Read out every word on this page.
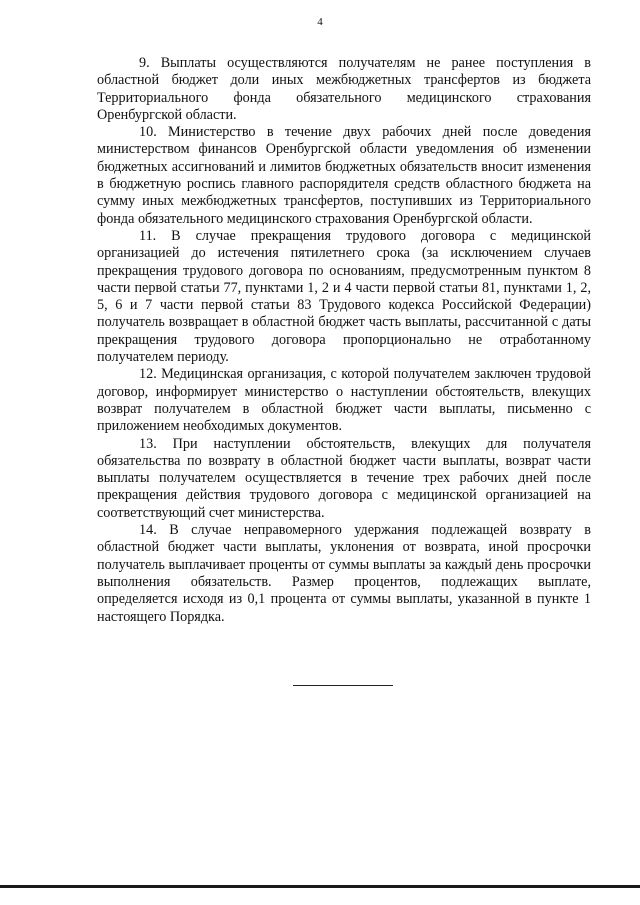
4

9. Выплаты осуществляются получателям не ранее поступления в областной бюджет доли иных межбюджетных трансфертов из бюджета Территориального фонда обязательного медицинского страхования Оренбургской области.

10. Министерство в течение двух рабочих дней после доведения министерством финансов Оренбургской области уведомления об изменении бюджетных ассигнований и лимитов бюджетных обязательств вносит изменения в бюджетную роспись главного распорядителя средств областного бюджета на сумму иных межбюджетных трансфертов, поступивших из Территориального фонда обязательного медицинского страхования Оренбургской области.

11. В случае прекращения трудового договора с медицинской организацией до истечения пятилетнего срока (за исключением случаев прекращения трудового договора по основаниям, предусмотренным пунктом 8 части первой статьи 77, пунктами 1, 2 и 4 части первой статьи 81, пунктами 1, 2, 5, 6 и 7 части первой статьи 83 Трудового кодекса Российской Федерации) получатель возвращает в областной бюджет часть выплаты, рассчитанной с даты прекращения трудового договора пропорционально не отработанному получателем периоду.

12. Медицинская организация, с которой получателем заключен трудовой договор, информирует министерство о наступлении обстоятельств, влекущих возврат получателем в областной бюджет части выплаты, письменно с приложением необходимых документов.

13. При наступлении обстоятельств, влекущих для получателя обязательства по возврату в областной бюджет части выплаты, возврат части выплаты получателем осуществляется в течение трех рабочих дней после прекращения действия трудового договора с медицинской организацией на соответствующий счет министерства.

14. В случае неправомерного удержания подлежащей возврату в областной бюджет части выплаты, уклонения от возврата, иной просрочки получатель выплачивает проценты от суммы выплаты за каждый день просрочки выполнения обязательств. Размер процентов, подлежащих выплате, определяется исходя из 0,1 процента от суммы выплаты, указанной в пункте 1 настоящего Порядка.
